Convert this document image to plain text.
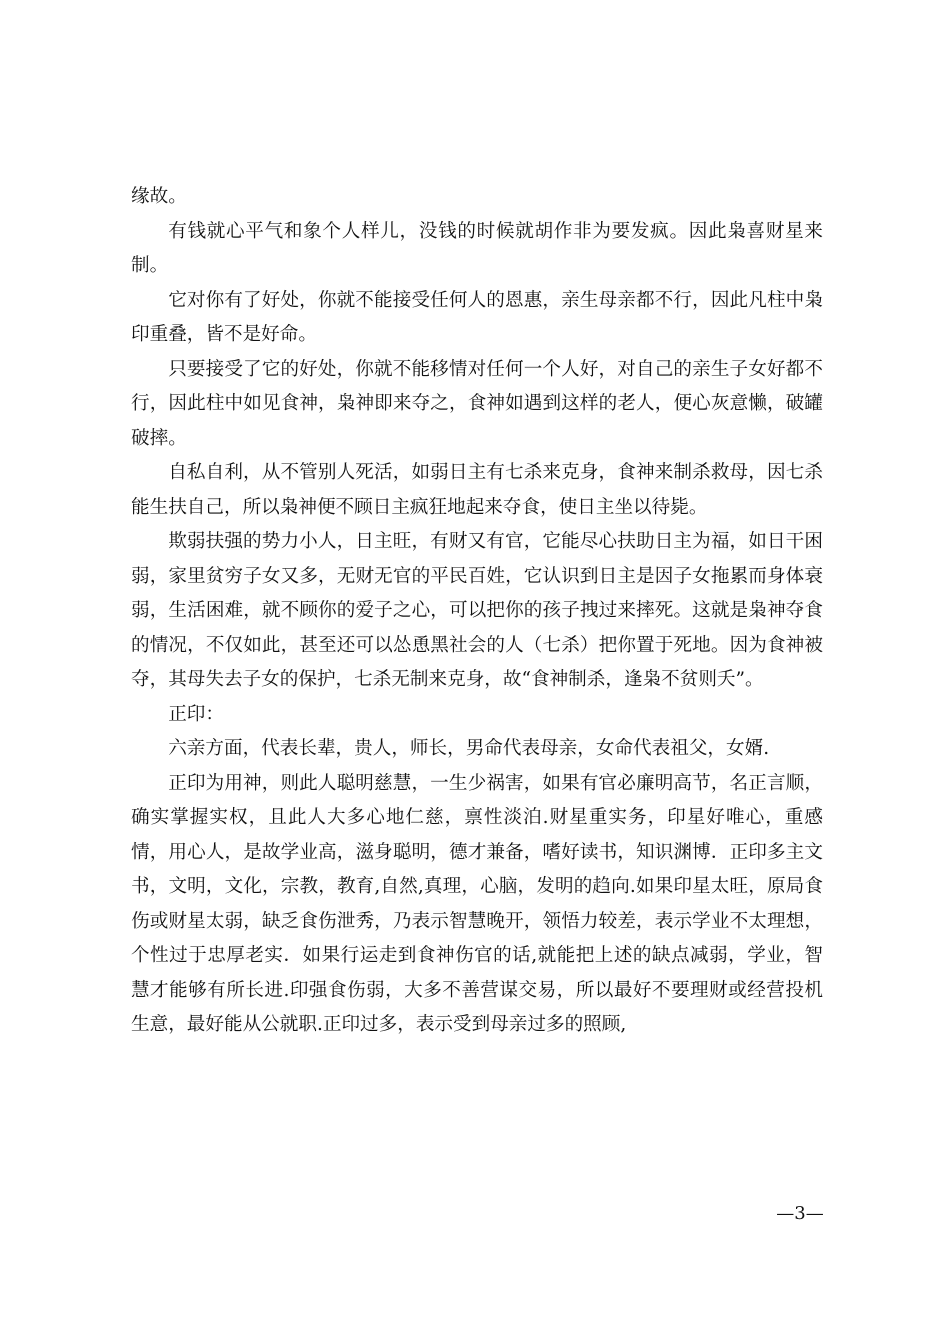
缘故。

有钱就心平气和象个人样儿，没钱的时候就胡作非为要发疯。因此枭喜财星来制。

它对你有了好处，你就不能接受任何人的恩惠，亲生母亲都不行，因此凡柱中枭印重叠，皆不是好命。

只要接受了它的好处，你就不能移情对任何一个人好，对自己的亲生子女好都不行，因此柱中如见食神，枭神即来夺之，食神如遇到这样的老人，便心灰意懒，破罐破摔。

自私自利，从不管别人死活，如弱日主有七杀来克身，食神来制杀救母，因七杀能生扶自己，所以枭神便不顾日主疯狂地起来夺食，使日主坐以待毙。

欺弱扶强的势力小人，日主旺，有财又有官，它能尽心扶助日主为福，如日干困弱，家里贫穷子女又多，无财无官的平民百姓，它认识到日主是因子女拖累而身体衰弱，生活困难，就不顾你的爱子之心，可以把你的孩子拽过来摔死。这就是枭神夺食的情况，不仅如此，甚至还可以怂恿黑社会的人（七杀）把你置于死地。因为食神被夺，其母失去子女的保护，七杀无制来克身，故“食神制杀，逢枭不贫则夭”。

正印：

六亲方面，代表长辈，贵人，师长，男命代表母亲，女命代表祖父，女婿.

正印为用神，则此人聪明慈慧，一生少祸害，如果有官必廉明高节，名正言顺，确实掌握实权，且此人大多心地仁慈，禀性淡泊.财星重实务，印星好唯心，重感情，用心人，是故学业高，滋身聪明，德才兼备，嗜好读书，知识渊博．正印多主文书，文明，文化，宗教，教育,自然,真理，心脑，发明的趋向.如果印星太旺，原局食伤或财星太弱，缺乏食伤泄秀，乃表示智慧晚开，领悟力较差，表示学业不太理想，个性过于忠厚老实．如果行运走到食神伤官的话,就能把上述的缺点减弱，学业，智慧才能够有所长进.印强食伤弱，大多不善营谋交易，所以最好不要理财或经营投机生意，最好能从公就职.正印过多，表示受到母亲过多的照顾,

—3—
